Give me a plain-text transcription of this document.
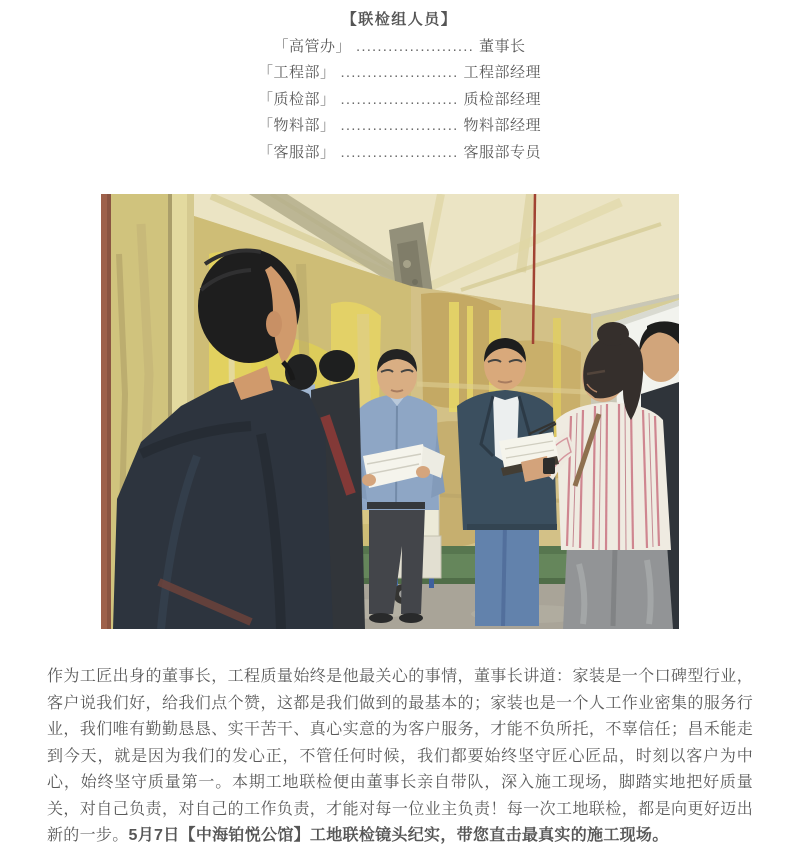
【联检组人员】
「高管办」 ...................... 董事长
「工程部」 ...................... 工程部经理
「质检部」 ...................... 质检部经理
「物料部」 ...................... 物料部经理
「客服部」 ...................... 客服部专员

作为工匠出身的董事长，工程质量始终是他最关心的事情，董事长讲道：家装是一个口碑型行业，客户说我们好，给我们点个赞，这都是我们做到的最基本的；家装也是一个人工作业密集的服务行业，我们唯有勤勤恳恳、实干苦干、真心实意的为客户服务，才能不负所托，不辜信任；昌禾能走到今天，就是因为我们的发心正，不管任何时候，我们都要始终坚守匠心匠品，时刻以客户为中心，始终坚守质量第一。本期工地联检便由董事长亲自带队，深入施工现场，脚踏实地把好质量关，对自己负责，对自己的工作负责，才能对每一位业主负责！每一次工地联检，都是向更好迈出新的一步。5月7日【中海铂悦公馆】工地联检镜头纪实，带您直击最真实的施工现场。
